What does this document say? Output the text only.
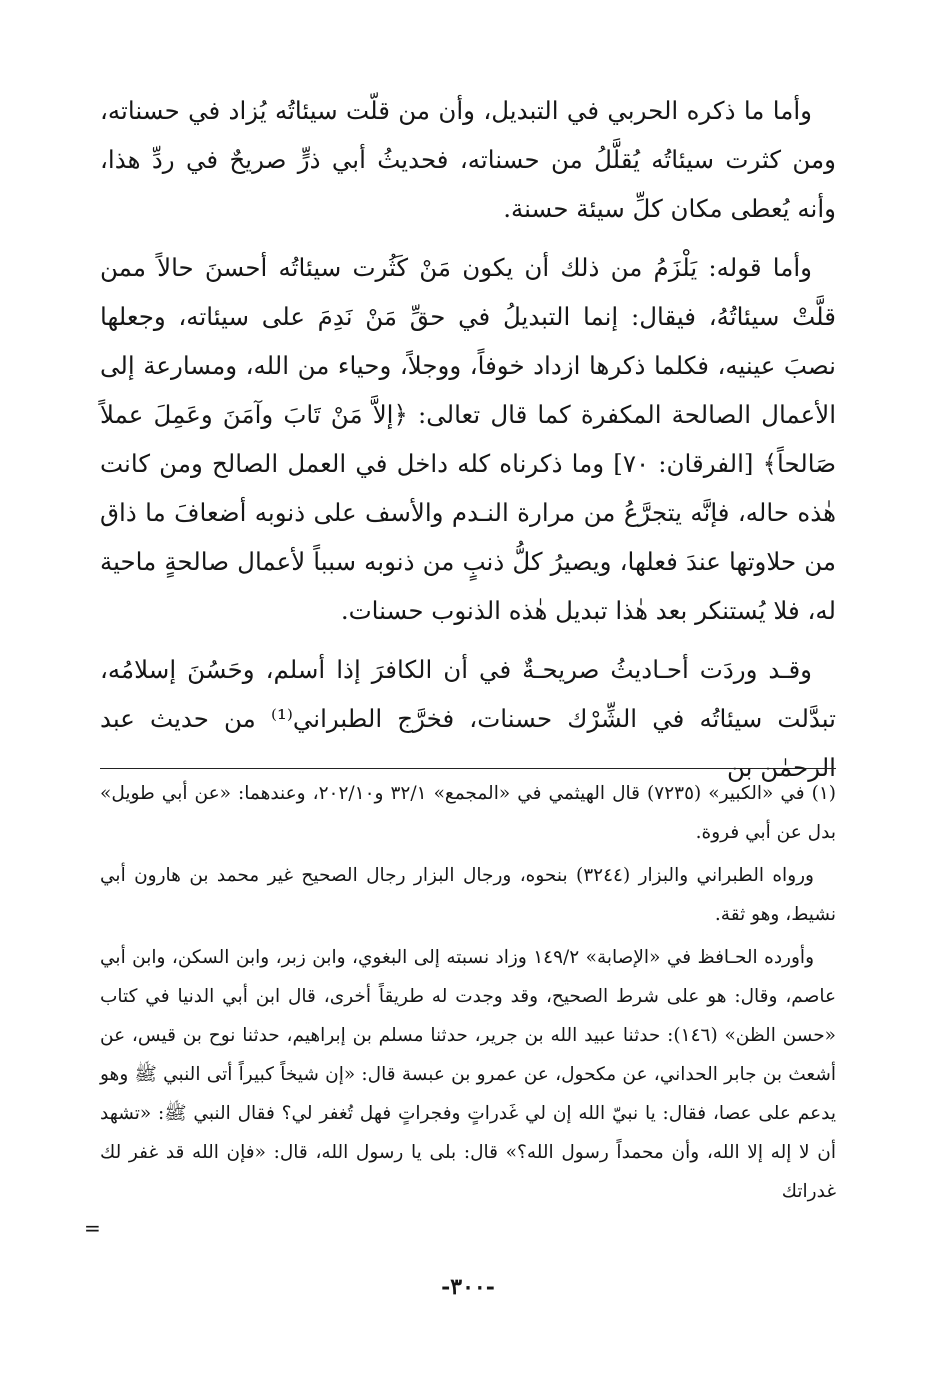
وأما ما ذكره الحربي في التبديل، وأن من قلّت سيئاتُه يُزاد في حسناته، ومن كثرت سيئاتُه يُقلَّلُ من حسناته، فحديثُ أبي ذرٍّ صريحٌ في ردِّ هذا، وأنه يُعطى مكان كلِّ سيئة حسنة.

وأما قوله: يَلْزَمُ من ذلك أن يكون مَنْ كَثُرت سيئاتُه أحسنَ حالاً ممن قلَّتْ سيئاتُهُ، فيقال: إنما التبديلُ في حقِّ مَنْ نَدِمَ على سيئاته، وجعلها نصبَ عينيه، فكلما ذكرها ازداد خوفاً، ووجلاً، وحياء من الله، ومسارعة إلى الأعمال الصالحة المكفرة كما قال تعالى: ﴿إلاَّ مَنْ تَابَ وآمَنَ وعَمِلَ عملاً صَالحاً﴾ [الفرقان: ٧٠] وما ذكرناه كله داخل في العمل الصالح ومن كانت هٰذه حاله، فإنَّه يتجرَّعُ من مرارة النـدم والأسف على ذنوبه أضعافَ ما ذاق من حلاوتها عندَ فعلها، ويصيرُ كلُّ ذنبٍ من ذنوبه سبباً لأعمال صالحةٍ ماحية له، فلا يُستنكر بعد هٰذا تبديل هٰذه الذنوب حسنات.

وقـد وردَت أحـاديثُ صريحـةٌ في أن الكافرَ إذا أسلم، وحَسُنَ إسلامُه، تبدَّلت سيئاتُه في الشِّرْك حسنات، فخرَّج الطبراني⁽¹⁾ من حديث عبد الرحمٰن بن

(١) في «الكبير» (٧٢٣٥) قال الهيثمي في «المجمع» ٣٢/١ و٢٠٢/١٠، وعندهما: «عن أبي طويل» بدل عن أبي فروة.

ورواه الطبراني والبزار (٣٢٤٤) بنحوه، ورجال البزار رجال الصحيح غير محمد بن هارون أبي نشيط، وهو ثقة.

وأورده الحـافظ في «الإصابة» ١٤٩/٢ وزاد نسبته إلى البغوي، وابن زبر، وابن السكن، وابن أبي عاصم، وقال: هو على شرط الصحيح، وقد وجدت له طريقاً أخرى، قال ابن أبي الدنيا في كتاب «حسن الظن» (١٤٦): حدثنا عبيد الله بن جرير، حدثنا مسلم بن إبراهيم، حدثنا نوح بن قيس، عن أشعث بن جابر الحداني، عن مكحول، عن عمرو بن عبسة قال: «إن شيخاً كبيراً أتى النبي ﷺ وهو يدعم على عصا، فقال: يا نبيّ الله إن لي غَدراتٍ وفجراتٍ فهل تُغفر لي؟ فقال النبي ﷺ: «تشهد أن لا إله إلا الله، وأن محمداً رسول الله؟» قال: بلى يا رسول الله، قال: «فإن الله قد غفر لك غدراتك

=
-٣٠٠-
